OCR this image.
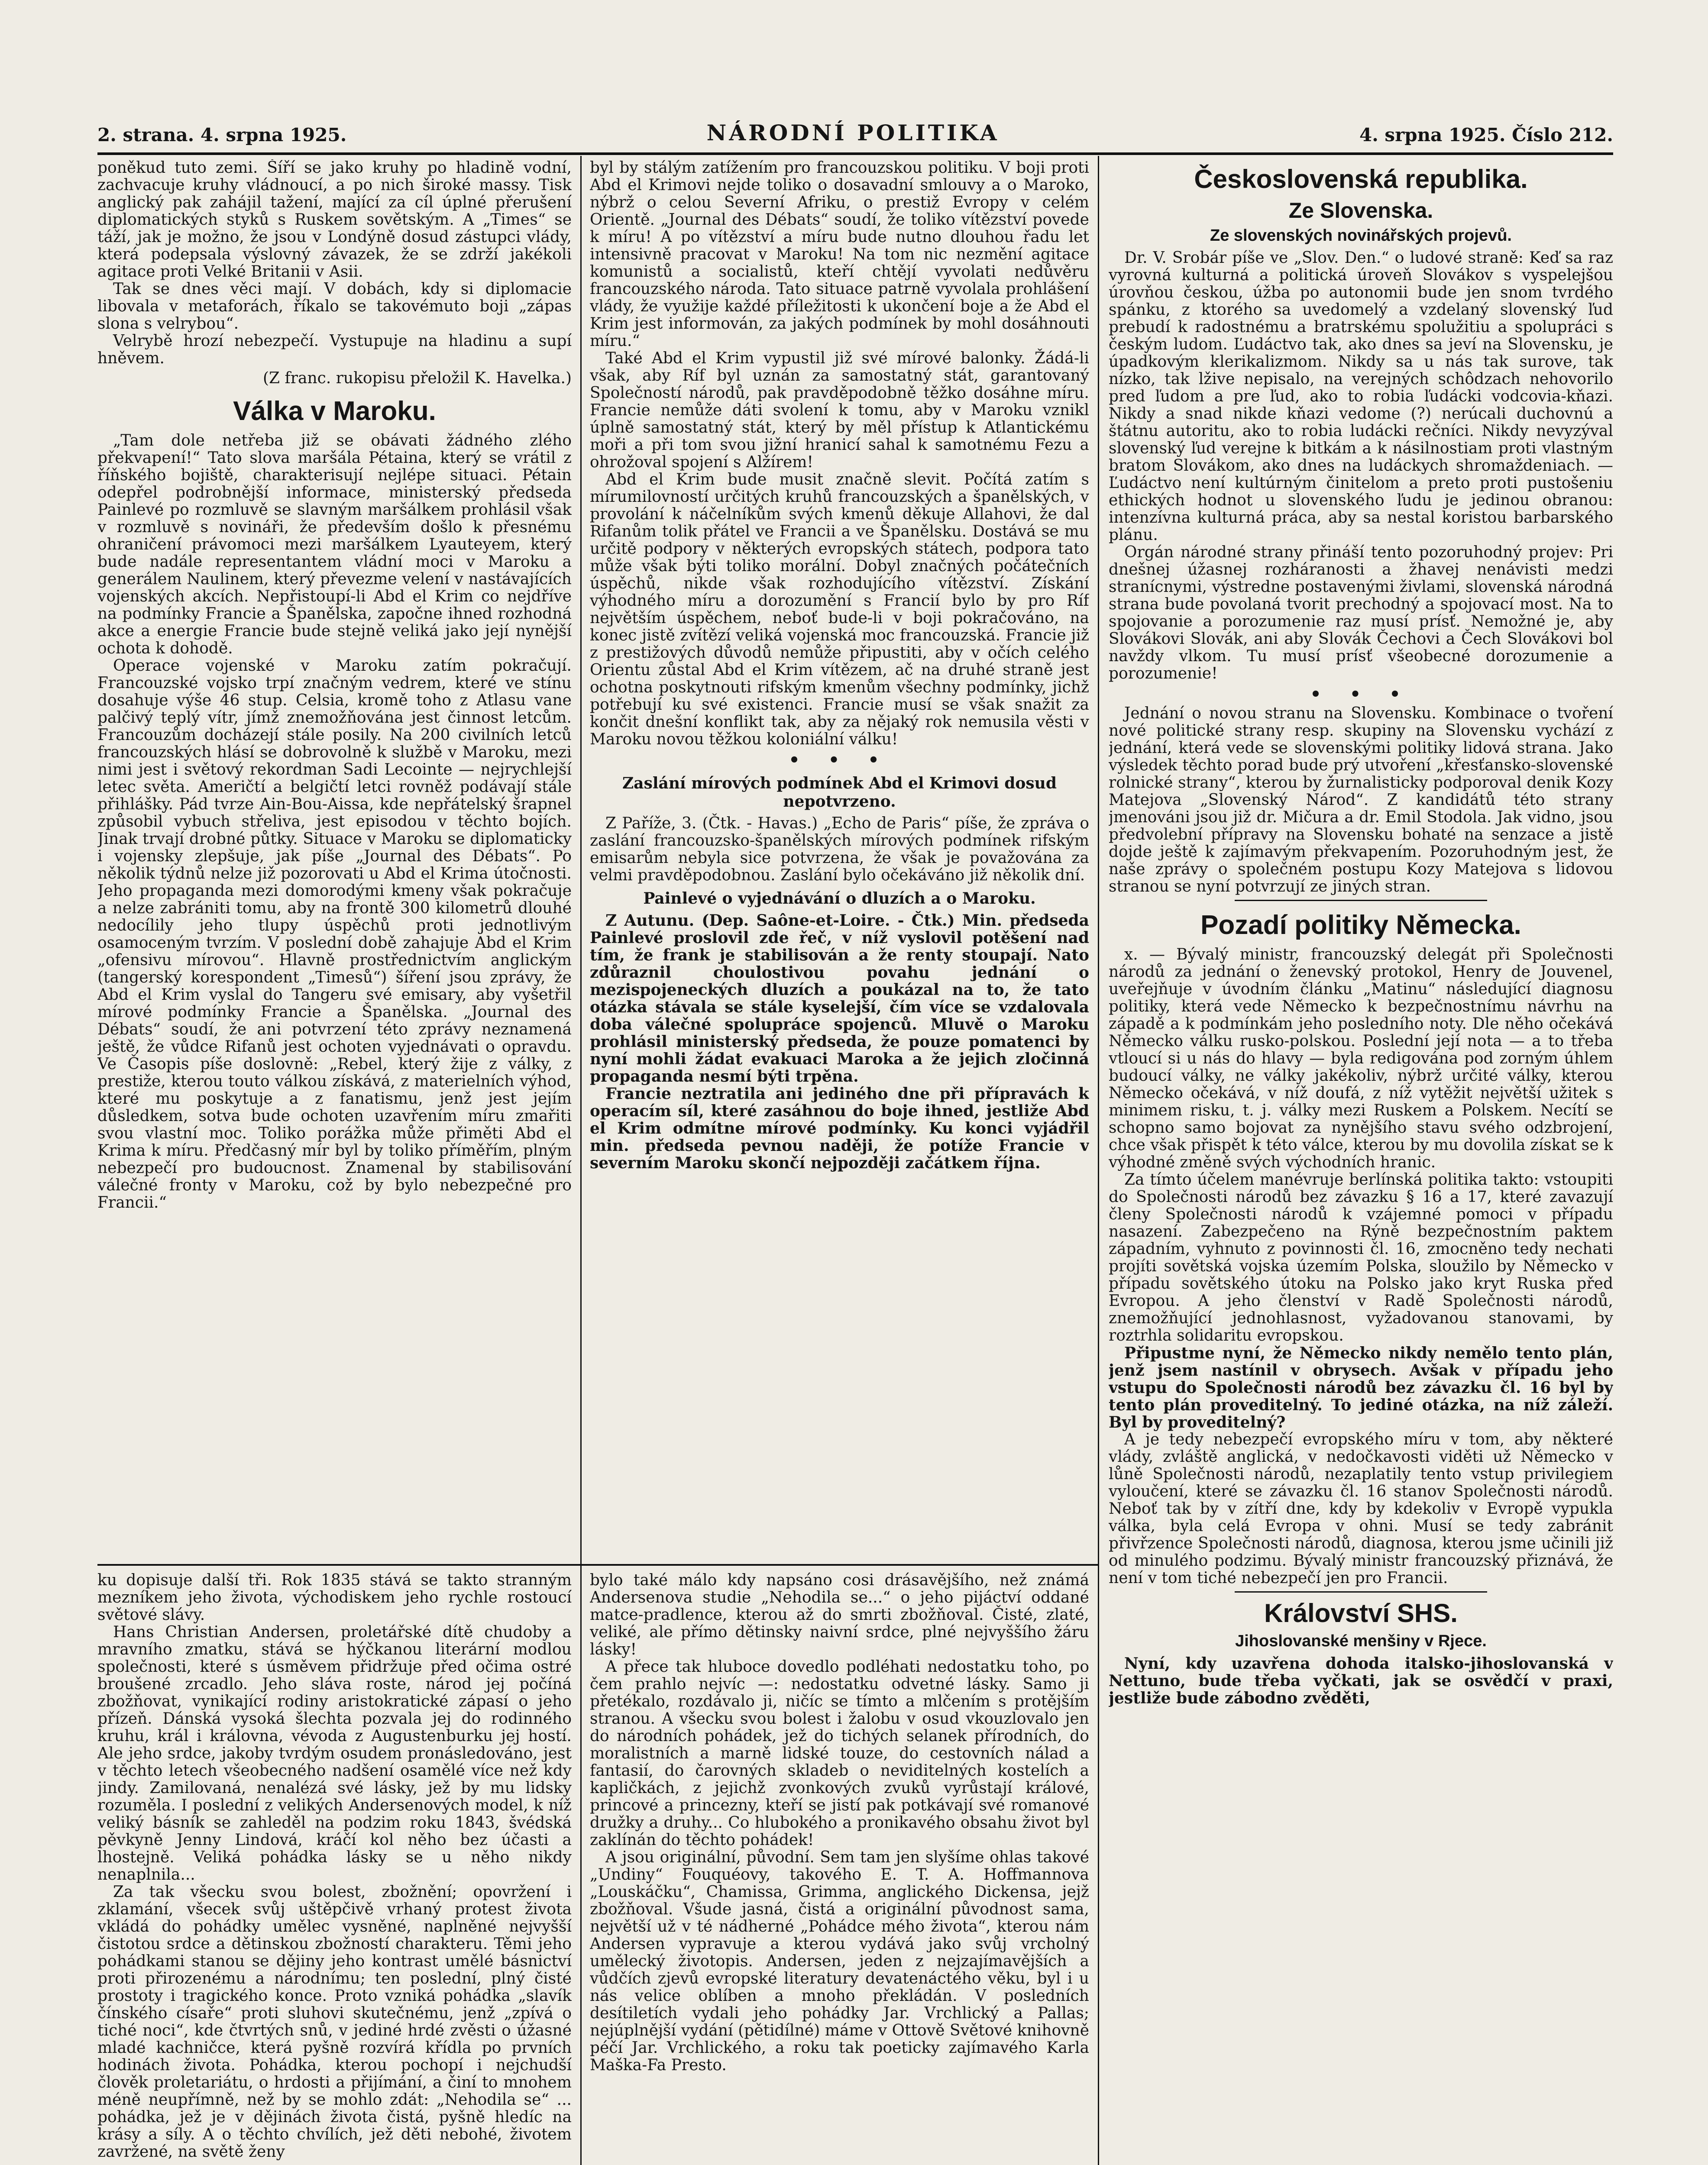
2. strana. 4. srpna 1925.	NÁRODNÍ POLITIKA	4. srpna 1925. Číslo 212.

poněkud tuto zemi. Šíří se jako kruhy po hladině vodní, zachvacuje kruhy vládnoucí, a po nich široké massy. Tisk anglický pak zahájil tažení, mající za cíl úplné přerušení diplomatických styků s Ruskem sovětským. A „Times“ se táží, jak je možno, že jsou v Londýně dosud zástupci vlády, která podepsala výslovný závazek, že se zdrží jakékoli agitace proti Velké Britanii v Asii.

Tak se dnes věci mají. V dobách, kdy si diplomacie libovala v metaforách, říkalo se takovémuto boji „zápas slona s velrybou“.

Velrybě hrozí nebezpečí. Vystupuje na hladinu a supí hněvem.

(Z franc. rukopisu přeložil K. Havelka.)
Válka v Maroku.

„Tam dole netřeba již se obávati žádného zlého překvapení!“ Tato slova maršála Pétaina, který se vrátil z říňského bojiště, charakterisují nejlépe situaci. Pétain odepřel podrobnější informace, ministerský předseda Painlevé po rozmluvě se slavným maršálkem prohlásil však v rozmluvě s novináři, že především došlo k přesnému ohraničení právomoci mezi maršálkem Lyauteyem, který bude nadále representantem vládní moci v Maroku a generálem Naulinem, který převezme velení v nastávajících vojenských akcích. Nepřistoupí-li Abd el Krim co nejdříve na podmínky Francie a Španělska, započne ihned rozhodná akce a energie Francie bude stejně veliká jako její nynější ochota k dohodě.

Operace vojenské v Maroku zatím pokračují. Francouzské vojsko trpí značným vedrem, které ve stínu dosahuje výše 46 stup. Celsia, kromě toho z Atlasu vane palčivý teplý vítr, jímž znemožňována jest činnost letcům. Francouzům docházejí stále posily. Na 200 civilních letců francouzských hlásí se dobrovolně k službě v Maroku, mezi nimi jest i světový rekordman Sadi Lecointe — nejrychlejší letec světa. Američtí a belgičtí letci rovněž podávají stále přihlášky. Pád tvrze Ain-Bou-Aissa, kde nepřátelský šrapnel způsobil vybuch střeliva, jest episodou v těchto bojích. Jinak trvají drobné půtky. Situace v Maroku se diplomaticky i vojensky zlepšuje, jak píše „Journal des Débats“. Po několik týdnů nelze již pozorovati u Abd el Krima útočnosti. Jeho propaganda mezi domorodými kmeny však pokračuje a nelze zabrániti tomu, aby na frontě 300 kilometrů dlouhé nedocílily jeho tlupy úspěchů proti jednotlivým osamoceným tvrzím. V poslední době zahajuje Abd el Krim „ofensivu mírovou“. Hlavně prostřednictvím anglickým (tangerský korespondent „Timesů“) šíření jsou zprávy, že Abd el Krim vyslal do Tangeru své emisary, aby vyšetřil mírové podmínky Francie a Španělska. „Journal des Débats“ soudí, že ani potvrzení této zprávy neznamená ještě, že vůdce Rifanů jest ochoten vyjednávati o opravdu. Ve Časopis píše doslovně: „Rebel, který žije z války, z prestiže, kterou touto válkou získává, z materielních výhod, které mu poskytuje a z fanatismu, jenž jest jejím důsledkem, sotva bude ochoten uzavřením míru zmařiti svou vlastní moc. Toliko porážka může přiměti Abd el Krima k míru. Předčasný mír byl by toliko příměřím, plným nebezpečí pro budoucnost. Znamenal by stabilisování válečné fronty v Maroku, což by bylo nebezpečné pro Francii.“

byl by stálým zatížením pro francouzskou politiku. V boji proti Abd el Krimovi nejde toliko o dosavadní smlouvy a o Maroko, nýbrž o celou Severní Afriku, o prestiž Evropy v celém Orientě. „Journal des Débats“ soudí, že toliko vítězství povede k míru! A po vítězství a míru bude nutno dlouhou řadu let intensivně pracovat v Maroku! Na tom nic nezmění agitace komunistů a socialistů, kteří chtějí vyvolati nedůvěru francouzského národa. Tato situace patrně vyvolala prohlášení vlády, že využije každé příležitosti k ukončení boje a že Abd el Krim jest informován, za jakých podmínek by mohl dosáhnouti míru.“

Také Abd el Krim vypustil již své mírové balonky. Žádá-li však, aby Ríf byl uznán za samostatný stát, garantovaný Společností národů, pak pravděpodobně těžko dosáhne míru. Francie nemůže dáti svolení k tomu, aby v Maroku vznikl úplně samostatný stát, který by měl přístup k Atlantickému moři a při tom svou jižní hranicí sahal k samotnému Fezu a ohrožoval spojení s Alžírem!

Abd el Krim bude musit značně slevit. Počítá zatím s mírumilovností určitých kruhů francouzských a španělských, v provolání k náčelníkům svých kmenů děkuje Allahovi, že dal Rifanům tolik přátel ve Francii a ve Španělsku. Dostává se mu určitě podpory v některých evropských státech, podpora tato může však býti toliko morální. Dobyl značných počátečních úspěchů, nikde však rozhodujícího vítězství. Získání výhodného míru a dorozumění s Francií bylo by pro Ríf největším úspěchem, neboť bude-li v boji pokračováno, na konec jistě zvítězí veliká vojenská moc francouzská. Francie již z prestižových důvodů nemůže připustiti, aby v očích celého Orientu zůstal Abd el Krim vítězem, ač na druhé straně jest ochotna poskytnouti rifským kmenům všechny podmínky, jichž potřebují ku své existenci. Francie musí se však snažit za končit dnešní konflikt tak, aby za nějaký rok nemusila věsti v Maroku novou těžkou koloniální válku!

• • •
Zaslání mírových podmínek Abd el Krimovi dosud nepotvrzeno.

Z Paříže, 3. (Čtk. - Havas.) „Echo de Paris“ píše, že zpráva o zaslání francouzsko-španělských mírových podmínek rifským emisarům nebyla sice potvrzena, že však je považována za velmi pravděpodobnou. Zaslání bylo očekáváno již několik dní.

Painlevé o vyjednávání o dluzích a o Maroku.

Z Autunu. (Dep. Saône-et-Loire. - Čtk.) Min. předseda Painlevé proslovil zde řeč, v níž vyslovil potěšení nad tím, že frank je stabilisován a že renty stoupají. Nato zdůraznil choulostivou povahu jednání o mezispojeneckých dluzích a poukázal na to, že tato otázka stávala se stále kyselejší, čím více se vzdalovala doba válečné spolupráce spojenců. Mluvě o Maroku prohlásil ministerský předseda, že pouze pomatenci by nyní mohli žádat evakuaci Maroka a že jejich zločinná propaganda nesmí býti trpěna.

Francie neztratila ani jediného dne při přípravách k operacím síl, které zasáhnou do boje ihned, jestliže Abd el Krim odmítne mírové podmínky. Ku konci vyjádřil min. předseda pevnou naději, že potíže Francie v severním Maroku skončí nejpozději začátkem října.

ku dopisuje další tři. Rok 1835 stává se takto stranným mezníkem jeho života, východiskem jeho rychle rostoucí světové slávy.

Hans Christian Andersen, proletářské dítě chudoby a mravního zmatku, stává se hýčkanou literární modlou společnosti, které s úsměvem přidržuje před očima ostré broušené zrcadlo. Jeho sláva roste, národ jej počíná zbožňovat, vynikající rodiny aristokratické zápasí o jeho přízeň. Dánská vysoká šlechta pozvala jej do rodinného kruhu, král i královna, vévoda z Augustenburku jej hostí. Ale jeho srdce, jakoby tvrdým osudem pronásledováno, jest v těchto letech všeobecného nadšení osamělé více než kdy jindy. Zamilovaná, nenalézá své lásky, jež by mu lidsky rozuměla. I poslední z velikých Andersenových model, k níž veliký básník se zahleděl na podzim roku 1843, švédská pěvkyně Jenny Lindová, kráčí kol něho bez účasti a lhostejně. Veliká pohádka lásky se u něho nikdy nenaplnila...

Za tak všecku svou bolest, zbožnění; opovržení i zklamání, všecek svůj uštěpčivě vrhaný protest života vkládá do pohádky umělec vysněné, naplněné nejvyšší čistotou srdce a dětinskou zbožností charakteru. Těmi jeho pohádkami stanou se dějiny jeho kontrast umělé básnictví proti přirozenému a národnímu; ten poslední, plný čisté prostoty i tragického konce. Proto vzniká pohádka „slavík čínského císaře“ proti sluhovi skutečnému, jenž „zpívá o tiché noci“, kde čtvrtých snů, v jediné hrdé zvěsti o úžasné mladé kachničce, která pyšně rozvírá křídla po prvních hodinách života. Pohádka, kterou pochopí i nejchudší člověk proletariátu, o hrdosti a přijímání, a činí to mnohem méně neupřímně, než by se mohlo zdát: „Nehodila se“ ... pohádka, jež je v dějinách života čistá, pyšně hledíc na krásy a síly. A o těchto chvílích, jež děti nebohé, životem zavržené, na světě ženy

bylo také málo kdy napsáno cosi drásavějšího, než známá Andersenova studie „Nehodila se...“ o jeho pijáctví oddané matce-pradlence, kterou až do smrti zbožňoval. Čisté, zlaté, veliké, ale přímo dětinsky naivní srdce, plné nejvyššího žáru lásky!

A přece tak hluboce dovedlo podléhati nedostatku toho, po čem prahlo nejvíc —: nedostatku odvetné lásky. Samo ji přetékalo, rozdávalo ji, ničíc se tímto a mlčením s protějším stranou. A všecku svou bolest i žalobu v osud vkouzlovalo jen do národních pohádek, jež do tichých selanek přírodních, do moralistních a marně lidské touze, do cestovních nálad a fantasií, do čarovných skladeb o neviditelných kostelích a kapličkách, z jejichž zvonkových zvuků vyrůstají králové, princové a princezny, kteří se jistí pak potkávají své romanové družky a druhy... Co hlubokého a pronikavého obsahu život byl zaklínán do těchto pohádek!

A jsou originální, původní. Sem tam jen slyšíme ohlas takové „Undiny“ Fouquéovy, takového E. T. A. Hoffmannova „Louskáčku“, Chamissa, Grimma, anglického Dickensa, jejž zbožňoval. Všude jasná, čistá a originální původnost sama, největší už v té nádherné „Pohádce mého života“, kterou nám Andersen vypravuje a kterou vydává jako svůj vrcholný umělecký životopis. Andersen, jeden z nejzajímavějších a vůdčích zjevů evropské literatury devatenáctého věku, byl i u nás velice oblíben a mnoho překládán. V posledních desítiletích vydali jeho pohádky Jar. Vrchlický a Pallas; nejúplnější vydání (pětidílné) máme v Ottově Světové knihovně péčí Jar. Vrchlického, a roku tak poeticky zajímavého Karla Maška-Fa Presto.

Československá republika.
Ze Slovenska.
Ze slovenských novinářských projevů.

Dr. V. Srobár píše ve „Slov. Den.“ o ludové straně: Keď sa raz vyrovná kulturná a politická úroveň Slovákov s vyspelejšou úrovňou českou, úžba po autonomii bude jen snom tvrdého spánku, z ktorého sa uvedomelý a vzdelaný slovenský ľud prebudí k radostnému a bratrskému spolužitiu a spolupráci s českým ludom. Ľudáctvo tak, ako dnes sa jeví na Slovensku, je úpadkovým klerikalizmom. Nikdy sa u nás tak surove, tak nízko, tak lžive nepisalo, na verejných schôdzach nehovorilo pred ľudom a pre ľud, ako to robia ľudácki vodcovia-kňazi. Nikdy a snad nikde kňazi vedome (?) nerúcali duchovnú a štátnu autoritu, ako to robia ludácki rečníci. Nikdy nevyzýval slovenský ľud verejne k bitkám a k násilnostiam proti vlastným bratom Slovákom, ako dnes na ludáckych shromaždeniach. — Ľudáctvo není kultúrným činitelom a preto proti pustošeniu ethických hodnot u slovenského ľudu je jedinou obranou: intenzívna kulturná práca, aby sa nestal koristou barbarského plánu.

Orgán národné strany přináší tento pozoruhodný projev: Pri dnešnej úžasnej rozháranosti a žhavej nenávisti medzi stranícnymi, výstredne postavenými živlami, slovenská národná strana bude povolaná tvorit prechodný a spojovací most. Na to spojovanie a porozumenie raz musí prísť. Nemožné je, aby Slovákovi Slovák, ani aby Slovák Čechovi a Čech Slovákovi bol navždy vlkom. Tu musí prísť všeobecné dorozumenie a porozumenie!

• • •

Jednání o novou stranu na Slovensku. Kombinace o tvoření nové politické strany resp. skupiny na Slovensku vychází z jednání, která vede se slovenskými politiky lidová strana. Jako výsledek těchto porad bude prý utvoření „křesťansko-slovenské rolnické strany“, kterou by žurnalisticky podporoval denik Kozy Matejova „Slovenský Národ“. Z kandidátů této strany jmenováni jsou již dr. Mičura a dr. Emil Stodola. Jak vidno, jsou předvolební přípravy na Slovensku bohaté na senzace a jistě dojde ještě k zajímavým překvapením. Pozoruhodným jest, že naše zprávy o společném postupu Kozy Matejova s lidovou stranou se nyní potvrzují ze jiných stran.

Pozadí politiky Německa.

x. — Bývalý ministr, francouzský delegát při Společnosti národů za jednání o ženevský protokol, Henry de Jouvenel, uveřejňuje v úvodním článku „Matinu“ následující diagnosu politiky, která vede Německo k bezpečnostnímu návrhu na západě a k podmínkám jeho posledního noty. Dle něho očekává Německo válku rusko-polskou. Poslední její nota — a to třeba vtloucí si u nás do hlavy — byla redigována pod zorným úhlem budoucí války, ne války jakékoliv, nýbrž určité války, kterou Německo očekává, v níž doufá, z níž vytěžit největší užitek s minimem risku, t. j. války mezi Ruskem a Polskem. Necítí se schopno samo bojovat za nynějšího stavu svého odzbrojení, chce však přispět k této válce, kterou by mu dovolila získat se k výhodné změně svých východních hranic.

Za tímto účelem manévruje berlínská politika takto: vstoupiti do Společnosti národů bez závazku § 16 a 17, které zavazují členy Společnosti národů k vzájemné pomoci v případu nasazení. Zabezpečeno na Rýně bezpečnostním paktem západním, vyhnuto z povinnosti čl. 16, zmocněno tedy nechati projíti sovětská vojska územím Polska, sloužilo by Německo v případu sovětského útoku na Polsko jako kryt Ruska před Evropou. A jeho členství v Radě Společnosti národů, znemožňující jednohlasnost, vyžadovanou stanovami, by roztrhla solidaritu evropskou.

Připustme nyní, že Německo nikdy nemělo tento plán, jenž jsem nastínil v obrysech. Avšak v případu jeho vstupu do Společnosti národů bez závazku čl. 16 byl by tento plán proveditelný. To jediné otázka, na níž záleží. Byl by proveditelný?

A je tedy nebezpečí evropského míru v tom, aby některé vlády, zvláště anglická, v nedočkavosti viděti už Německo v lůně Společnosti národů, nezaplatily tento vstup privilegiem vyloučení, které se závazku čl. 16 stanov Společnosti národů. Neboť tak by v zítří dne, kdy by kdekoliv v Evropě vypukla válka, byla celá Evropa v ohni. Musí se tedy zabránit přivřzence Společnosti národů, diagnosa, kterou jsme učinili již od minulého podzimu. Bývalý ministr francouzský přiznává, že není v tom tiché nebezpečí jen pro Francii.

Království SHS.
Jihoslovanské menšiny v Rjece.

Nyní, kdy uzavřena dohoda italsko-jihoslovanská v Nettuno, bude třeba vyčkati, jak se osvědčí v praxi, jestliže bude zábodno zvěděti,
